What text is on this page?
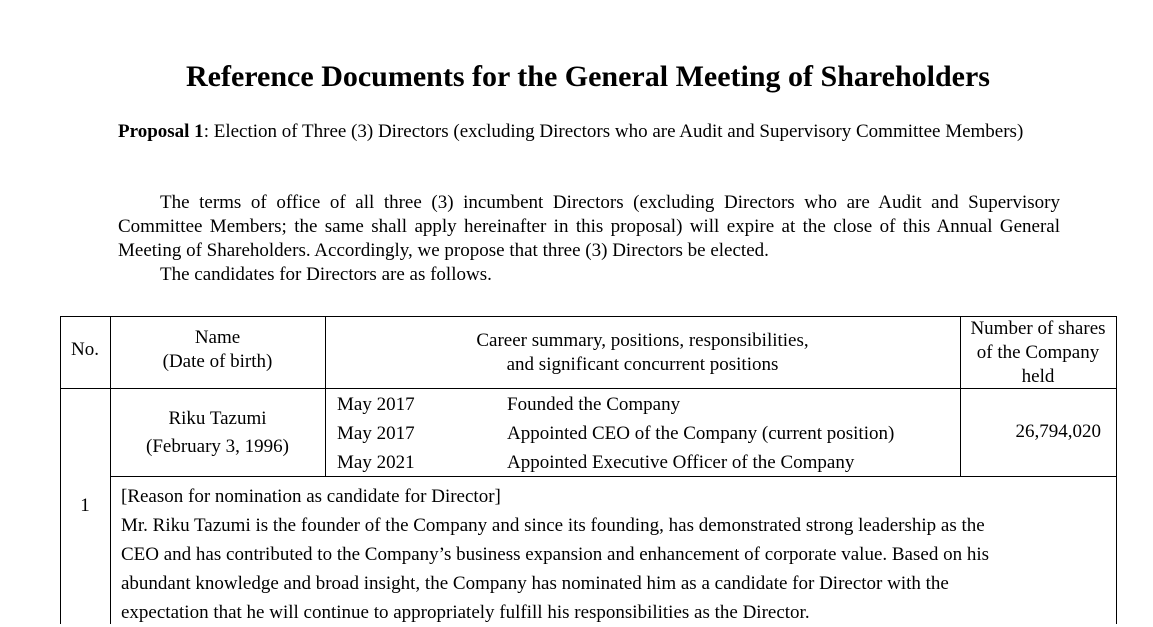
Reference Documents for the General Meeting of Shareholders
Proposal 1: Election of Three (3) Directors (excluding Directors who are Audit and Supervisory Committee Members)
The terms of office of all three (3) incumbent Directors (excluding Directors who are Audit and Supervisory Committee Members; the same shall apply hereinafter in this proposal) will expire at the close of this Annual General Meeting of Shareholders. Accordingly, we propose that three (3) Directors be elected.
The candidates for Directors are as follows.
No.
Name
(Date of birth)
Career summary, positions, responsibilities,
and significant concurrent positions
Number of shares
of the Company
held
1
Riku Tazumi
(February 3, 1996)
May 2017
May 2017
May 2021
Founded the Company
Appointed CEO of the Company (current position)
Appointed Executive Officer of the Company
26,794,020
[Reason for nomination as candidate for Director]
Mr. Riku Tazumi is the founder of the Company and since its founding, has demonstrated strong leadership as the
CEO and has contributed to the Company’s business expansion and enhancement of corporate value. Based on his
abundant knowledge and broad insight, the Company has nominated him as a candidate for Director with the
expectation that he will continue to appropriately fulfill his responsibilities as the Director.
